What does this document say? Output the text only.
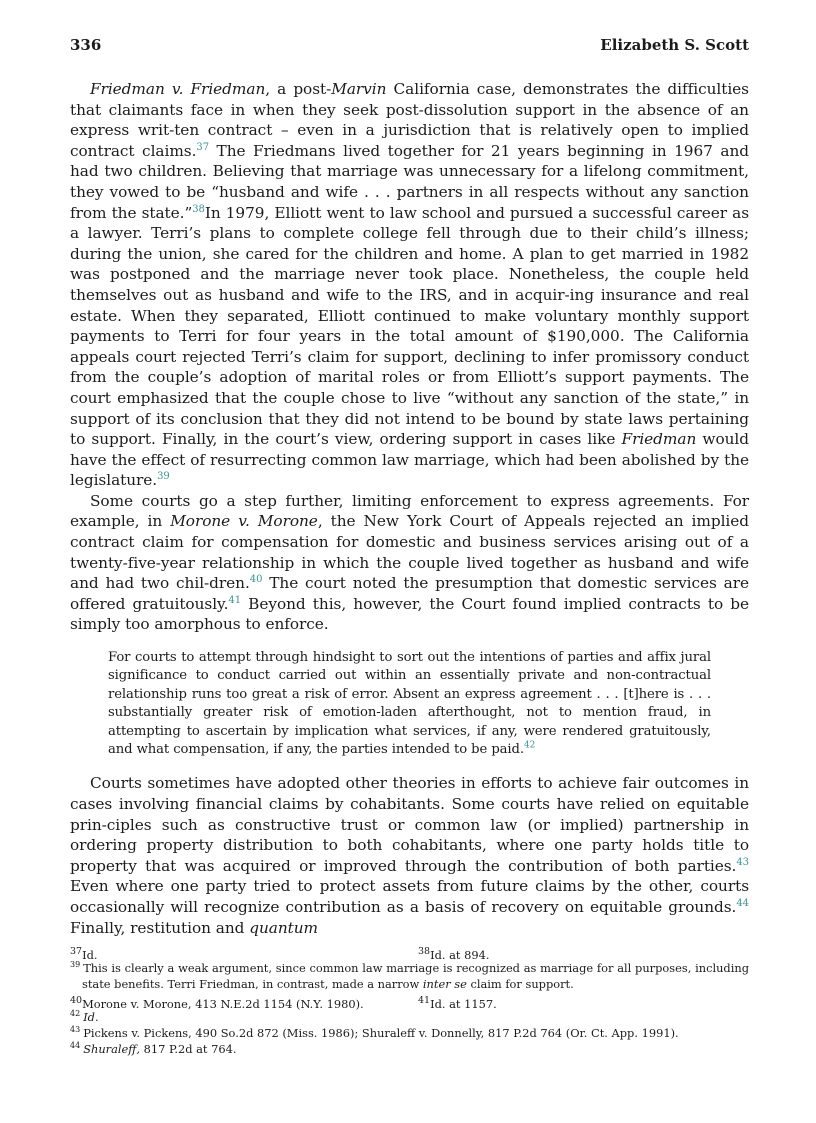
336	Elizabeth S. Scott

Friedman v. Friedman, a post-Marvin California case, demonstrates the difficulties that claimants face in when they seek post-dissolution support in the absence of an express writ-ten contract – even in a jurisdiction that is relatively open to implied contract claims.$^{37}$ The Friedmans lived together for 21 years beginning in 1967 and had two children. Believing that marriage was unnecessary for a lifelong commitment, they vowed to be “husband and wife . . . partners in all respects without any sanction from the state.”$^{38}$In 1979, Elliott went to law school and pursued a successful career as a lawyer. Terri’s plans to complete college fell through due to their child’s illness; during the union, she cared for the children and home. A plan to get married in 1982 was postponed and the marriage never took place. Nonetheless, the couple held themselves out as husband and wife to the IRS, and in acquir-ing insurance and real estate. When they separated, Elliott continued to make voluntary monthly support payments to Terri for four years in the total amount of $190,000. The California appeals court rejected Terri’s claim for support, declining to infer promissory conduct from the couple’s adoption of marital roles or from Elliott’s support payments. The court emphasized that the couple chose to live “without any sanction of the state,” in support of its conclusion that they did not intend to be bound by state laws pertaining to support. Finally, in the court’s view, ordering support in cases like Friedman would have the effect of resurrecting common law marriage, which had been abolished by the legislature.$^{39}$

Some courts go a step further, limiting enforcement to express agreements. For example, in Morone v. Morone, the New York Court of Appeals rejected an implied contract claim for compensation for domestic and business services arising out of a twenty-five-year relationship in which the couple lived together as husband and wife and had two chil-dren.$^{40}$ The court noted the presumption that domestic services are offered gratuitously.$^{41}$ Beyond this, however, the Court found implied contracts to be simply too amorphous to enforce.

For courts to attempt through hindsight to sort out the intentions of parties and affix jural significance to conduct carried out within an essentially private and non-contractual relationship runs too great a risk of error. Absent an express agreement . . . [t]here is . . . substantially greater risk of emotion-laden afterthought, not to mention fraud, in attempting to ascertain by implication what services, if any, were rendered gratuitously, and what compensation, if any, the parties intended to be paid.$^{42}$

Courts sometimes have adopted other theories in efforts to achieve fair outcomes in cases involving financial claims by cohabitants. Some courts have relied on equitable prin-ciples such as constructive trust or common law (or implied) partnership in ordering property distribution to both cohabitants, where one party holds title to property that was acquired or improved through the contribution of both parties.$^{43}$ Even where one party tried to protect assets from future claims by the other, courts occasionally will recognize contribution as a basis of recovery on equitable grounds.$^{44}$ Finally, restitution and quantum

$^{37}$Id.	$^{38}$Id. at 894.
$^{39}$ This is clearly a weak argument, since common law marriage is recognized as marriage for all purposes, including state benefits. Terri Friedman, in contrast, made a narrow inter se claim for support.
$^{40}$Morone v. Morone, 413 N.E.2d 1154 (N.Y. 1980).	$^{41}$Id. at 1157.
$^{42}$ Id.
$^{43}$ Pickens v. Pickens, 490 So.2d 872 (Miss. 1986); Shuraleff v. Donnelly, 817 P.2d 764 (Or. Ct. App. 1991).
$^{44}$ Shuraleff, 817 P.2d at 764.
